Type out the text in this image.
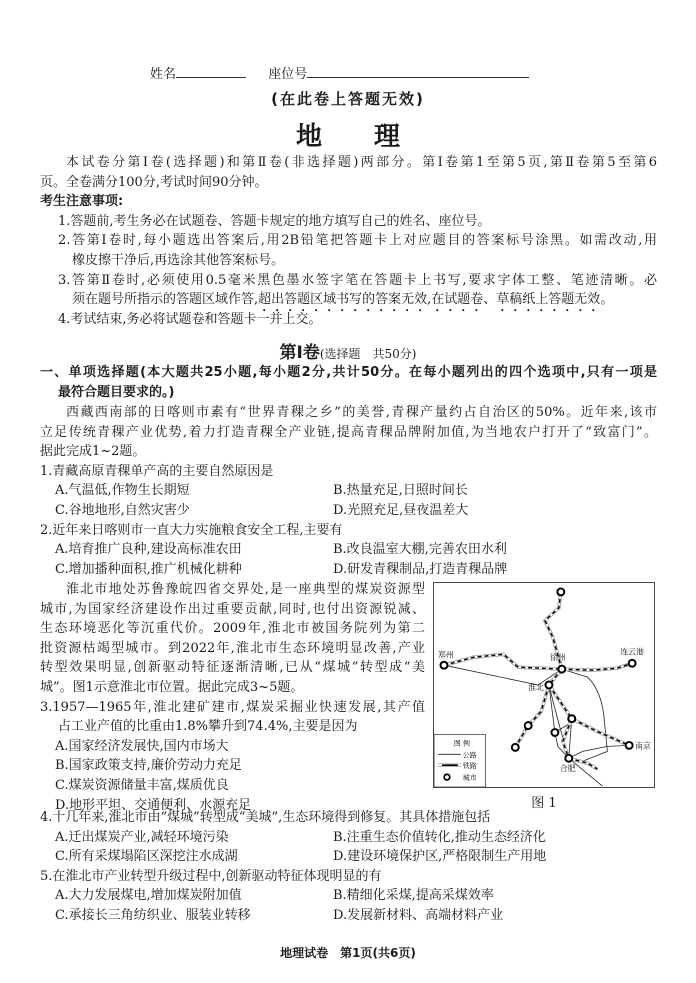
姓名	座位号
(在此卷上答题无效)
地　　理
本试卷分第Ⅰ卷(选择题)和第Ⅱ卷(非选择题)两部分。第Ⅰ卷第1至第5页,第Ⅱ卷第5至第6
页。全卷满分100分,考试时间90分钟。
考生注意事项:
1.答题前,考生务必在试题卷、答题卡规定的地方填写自己的姓名、座位号。
2.答第Ⅰ卷时,每小题选出答案后,用2B铅笔把答题卡上对应题目的答案标号涂黑。如需改动,用
橡皮擦干净后,再选涂其他答案标号。
3.答第Ⅱ卷时,必须使用0.5毫米黑色墨水签字笔在答题卡上书写,要求字体工整、笔迹清晰。必
须在题号所指示的答题区域作答,超出答题区域书写的答案无效,在试题卷、草稿纸上答题无效。
4.考试结束,务必将试题卷和答题卡一并上交。
第Ⅰ卷(选择题　共50分)
一、单项选择题(本大题共25小题,每小题2分,共计50分。在每小题列出的四个选项中,只有一项是
最符合题目要求的。)
西藏西南部的日喀则市素有“世界青稞之乡”的美誉,青稞产量约占自治区的50%。近年来,该市
立足传统青稞产业优势,着力打造青稞全产业链,提高青稞品牌附加值,为当地农户打开了“致富门”。
据此完成1~2题。
1.青藏高原青稞单产高的主要自然原因是
A.气温低,作物生长期短	B.热量充足,日照时间长
C.谷地地形,自然灾害少	D.光照充足,昼夜温差大
2.近年来日喀则市一直大力实施粮食安全工程,主要有
A.培育推广良种,建设高标准农田	B.改良温室大棚,完善农田水利
C.增加播种面积,推广机械化耕种	D.研发青稞制品,打造青稞品牌
淮北市地处苏鲁豫皖四省交界处,是一座典型的煤炭资源型
城市,为国家经济建设作出过重要贡献,同时,也付出资源锐减、
生态环境恶化等沉重代价。2009年,淮北市被国务院列为第二
批资源枯竭型城市。到2022年,淮北市生态环境明显改善,产业
转型效果明显,创新驱动特征逐渐清晰,已从“煤城”转型成“美
城”。图1示意淮北市位置。据此完成3~5题。
3.1957—1965年,淮北建矿建市,煤炭采掘业快速发展,其产值
占工业产值的比重由1.8%攀升到74.4%,主要是因为
A.国家经济发展快,国内市场大
B.国家政策支持,廉价劳动力充足
C.煤炭资源储量丰富,煤质优良
D.地形平坦、交通便利、水源充足
郑州	徐州
连云港
淮北
合肥
南京
图 例
公路
铁路
城市
图 1
4.十几年来,淮北市由“煤城”转型成“美城”,生态环境得到修复。其具体措施包括
A.迁出煤炭产业,减轻环境污染	B.注重生态价值转化,推动生态经济化
C.所有采煤塌陷区深挖注水成湖	D.建设环境保护区,严格限制生产用地
5.在淮北市产业转型升级过程中,创新驱动特征体现明显的有
A.大力发展煤电,增加煤炭附加值	B.精细化采煤,提高采煤效率
C.承接长三角纺织业、服装业转移	D.发展新材料、高端材料产业
地理试卷　第1页(共6页)
